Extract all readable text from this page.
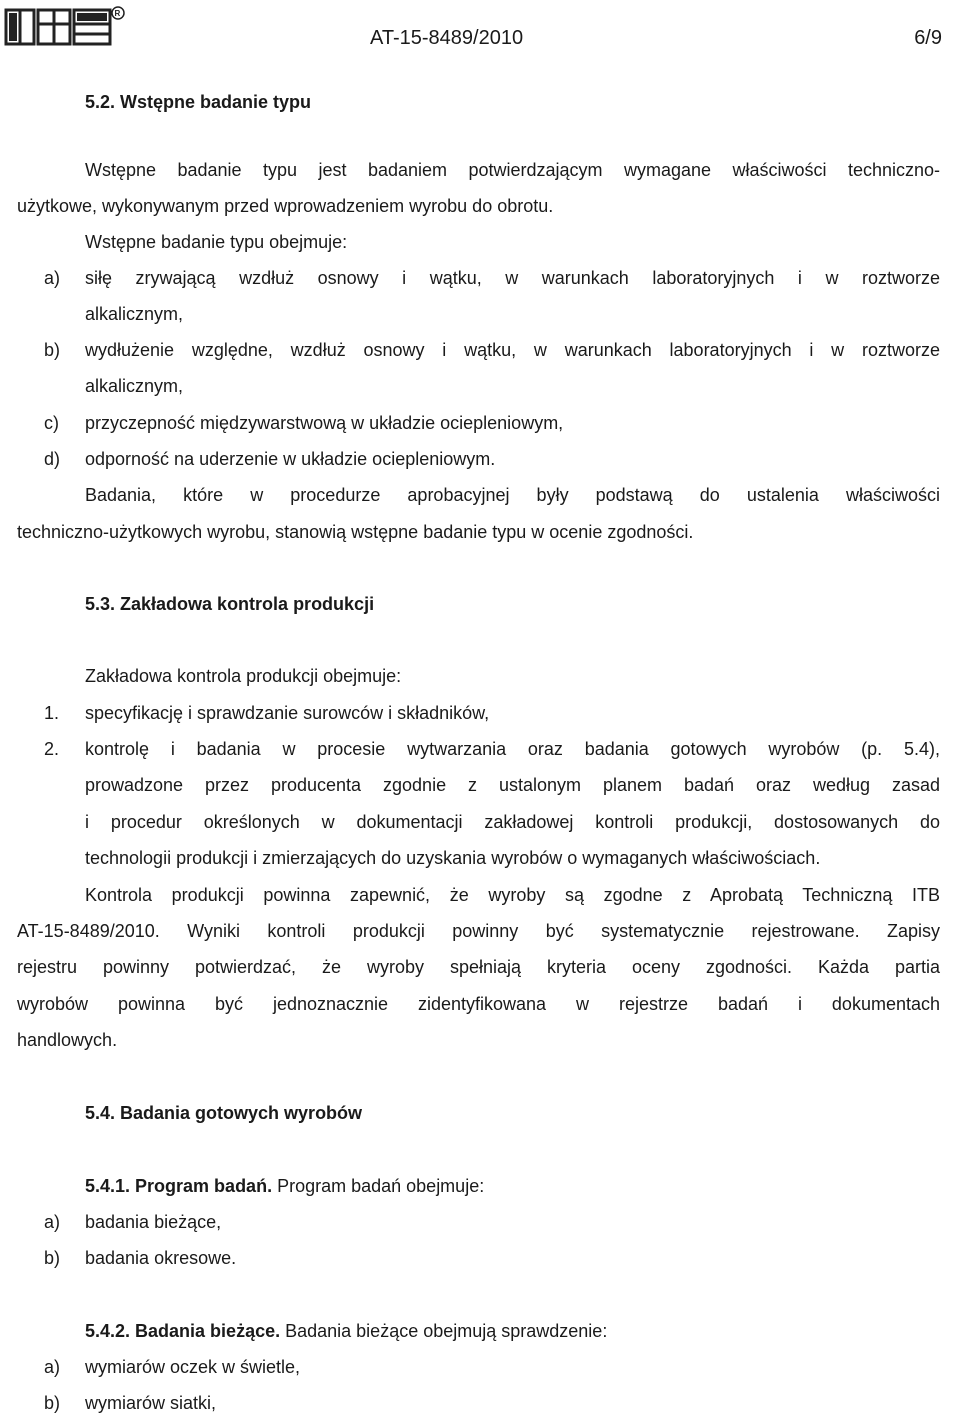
R
AT-15-8489/2010	6/9
5.2. Wstępne badanie typu
Wstępne badanie typu jest badaniem potwierdzającym wymagane właściwości techniczno-
użytkowe, wykonywanym przed wprowadzeniem wyrobu do obrotu.
Wstępne badanie typu obejmuje:
a) siłę zrywającą wzdłuż osnowy i wątku, w warunkach laboratoryjnych i w roztworze
alkalicznym,
b) wydłużenie względne, wzdłuż osnowy i wątku, w warunkach laboratoryjnych i w roztworze
alkalicznym,
c) przyczepność międzywarstwową w układzie ociepleniowym,
d) odporność na uderzenie w układzie ociepleniowym.
Badania, które w procedurze aprobacyjnej były podstawą do ustalenia właściwości
techniczno-użytkowych wyrobu, stanowią wstępne badanie typu w ocenie zgodności.
5.3. Zakładowa kontrola produkcji
Zakładowa kontrola produkcji obejmuje:
1. specyfikację i sprawdzanie surowców i składników,
2. kontrolę i badania w procesie wytwarzania oraz badania gotowych wyrobów (p. 5.4),
prowadzone przez producenta zgodnie z ustalonym planem badań oraz według zasad
i procedur określonych w dokumentacji zakładowej kontroli produkcji, dostosowanych do
technologii produkcji i zmierzających do uzyskania wyrobów o wymaganych właściwościach.
Kontrola produkcji powinna zapewnić, że wyroby są zgodne z Aprobatą Techniczną ITB
AT-15-8489/2010. Wyniki kontroli produkcji powinny być systematycznie rejestrowane. Zapisy
rejestru powinny potwierdzać, że wyroby spełniają kryteria oceny zgodności. Każda partia
wyrobów powinna być jednoznacznie zidentyfikowana w rejestrze badań i dokumentach
handlowych.
5.4. Badania gotowych wyrobów
5.4.1. Program badań. Program badań obejmuje:
a) badania bieżące,
b) badania okresowe.
5.4.2. Badania bieżące. Badania bieżące obejmują sprawdzenie:
a) wymiarów oczek w świetle,
b) wymiarów siatki,
